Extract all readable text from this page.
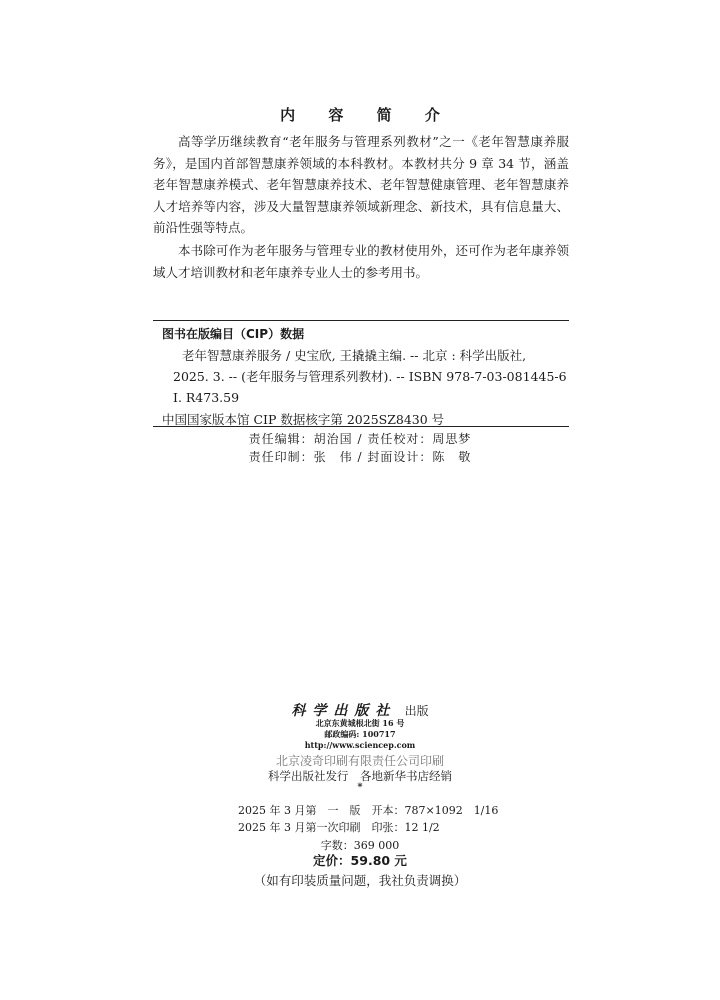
内 容 简 介
高等学历继续教育“老年服务与管理系列教材”之一《老年智慧康养服务》，是国内首部智慧康养领域的本科教材。本教材共分 9 章 34 节，涵盖老年智慧康养模式、老年智慧康养技术、老年智慧健康管理、老年智慧康养人才培养等内容，涉及大量智慧康养领域新理念、新技术，具有信息量大、前沿性强等特点。
本书除可作为老年服务与管理专业的教材使用外，还可作为老年康养领域人才培训教材和老年康养专业人士的参考用书。
图书在版编目（CIP）数据
老年智慧康养服务 / 史宝欣, 王撬撬主编. -- 北京 : 科学出版社,
2025. 3. -- (老年服务与管理系列教材). -- ISBN 978-7-03-081445-6
Ⅰ. R473.59
中国国家版本馆 CIP 数据核字第 2025SZ8430 号
责任编辑：胡治国 / 责任校对：周思梦
责任印制：张　伟 / 封面设计：陈　敬
科学出版社 出版
北京东黄城根北街 16 号
邮政编码: 100717
http://www.sciencep.com
北京凌奇印刷有限责任公司印刷
科学出版社发行　各地新华书店经销
*
2025 年 3 月第　一　版　开本：787×1092　1/16
2025 年 3 月第一次印刷　印张：12 1/2
字数：369 000
定价：59.80 元
（如有印装质量问题，我社负责调换）
